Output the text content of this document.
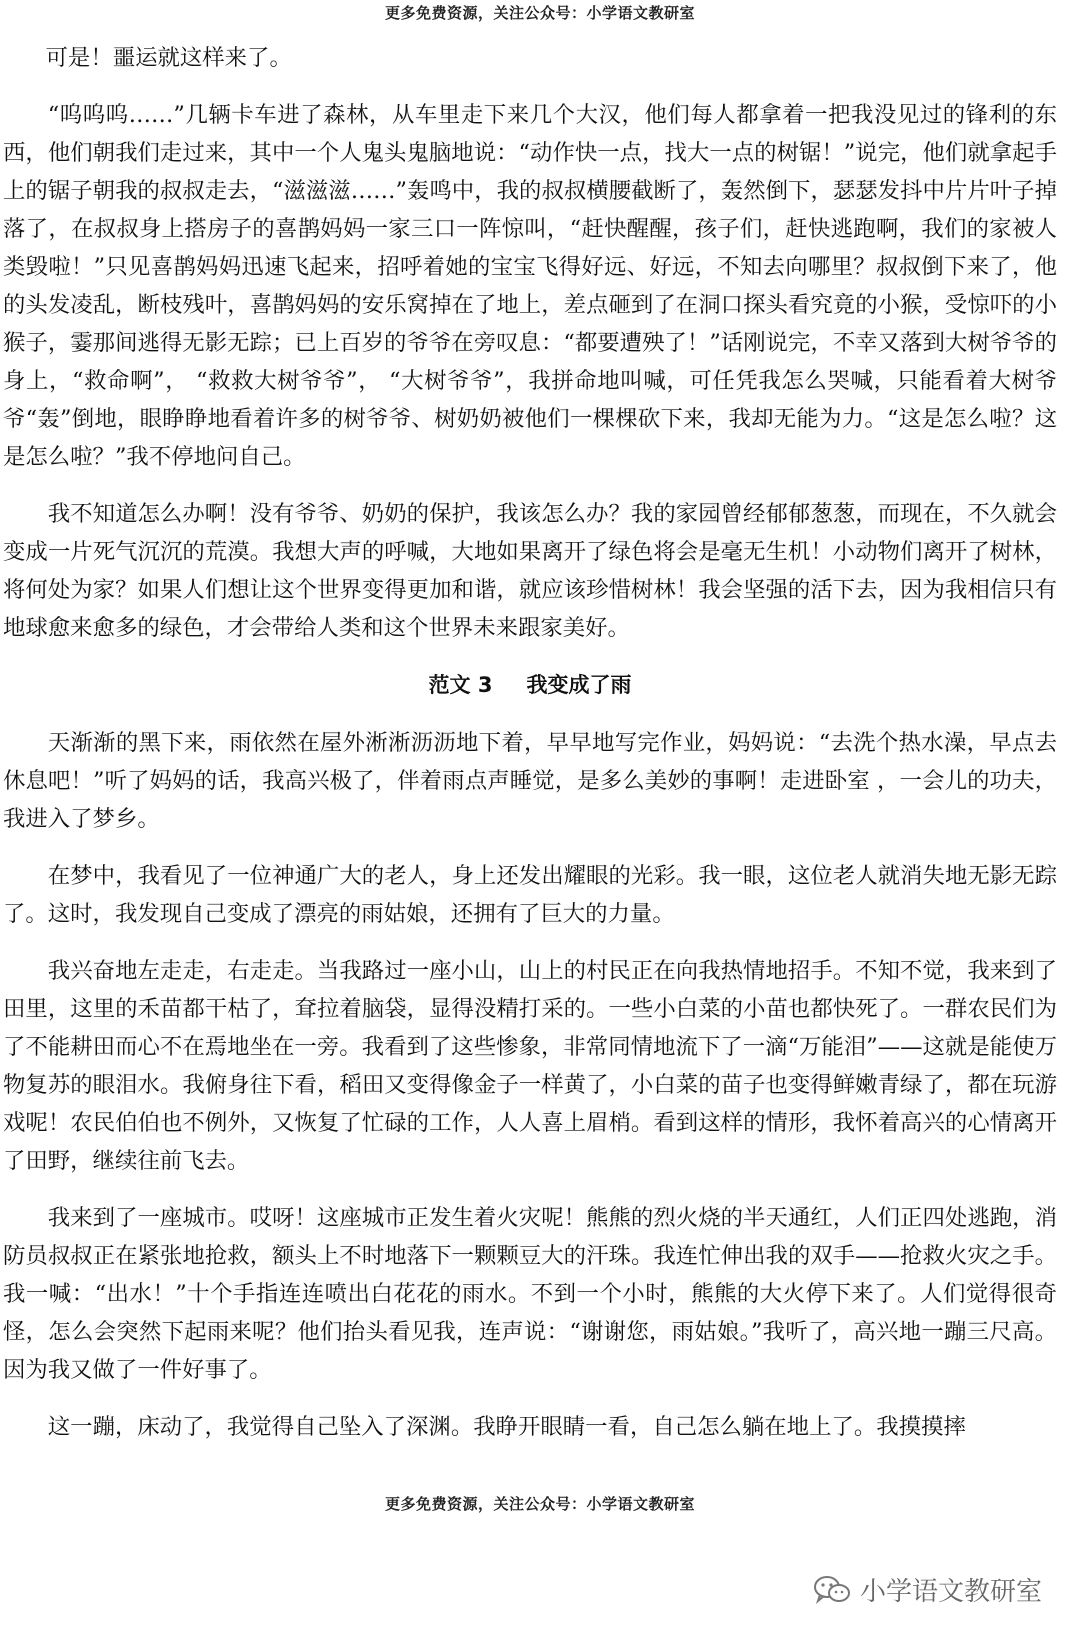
更多免费资源，关注公众号：小学语文教研室

可是！噩运就这样来了。

“呜呜呜……”几辆卡车进了森林，从车里走下来几个大汉，他们每人都拿着一把我没见过的锋利的东西，他们朝我们走过来，其中一个人鬼头鬼脑地说：“动作快一点，找大一点的树锯！”说完，他们就拿起手上的锯子朝我的叔叔走去，“滋滋滋……”轰鸣中，我的叔叔横腰截断了，轰然倒下，瑟瑟发抖中片片叶子掉落了，在叔叔身上搭房子的喜鹊妈妈一家三口一阵惊叫，“赶快醒醒，孩子们，赶快逃跑啊，我们的家被人类毁啦！”只见喜鹊妈妈迅速飞起来，招呼着她的宝宝飞得好远、好远，不知去向哪里？叔叔倒下来了，他的头发凌乱，断枝残叶，喜鹊妈妈的安乐窝掉在了地上，差点砸到了在洞口探头看究竟的小猴，受惊吓的小猴子，霎那间逃得无影无踪；已上百岁的爷爷在旁叹息：“都要遭殃了！”话刚说完，不幸又落到大树爷爷的身上，“救命啊”， “救救大树爷爷”， “大树爷爷”，我拼命地叫喊，可任凭我怎么哭喊，只能看着大树爷爷“轰”倒地，眼睁睁地看着许多的树爷爷、树奶奶被他们一棵棵砍下来，我却无能为力。“这是怎么啦？这是怎么啦？”我不停地问自己。

我不知道怎么办啊！没有爷爷、奶奶的保护，我该怎么办？我的家园曾经郁郁葱葱，而现在，不久就会变成一片死气沉沉的荒漠。我想大声的呼喊，大地如果离开了绿色将会是毫无生机！小动物们离开了树林，将何处为家？如果人们想让这个世界变得更加和谐，就应该珍惜树林！我会坚强的活下去，因为我相信只有地球愈来愈多的绿色，才会带给人类和这个世界未来跟家美好。

范文 3 我变成了雨

天渐渐的黑下来，雨依然在屋外淅淅沥沥地下着，早早地写完作业，妈妈说：“去洗个热水澡，早点去休息吧！”听了妈妈的话，我高兴极了，伴着雨点声睡觉，是多么美妙的事啊！走进卧室 ，一会儿的功夫，我进入了梦乡。

在梦中，我看见了一位神通广大的老人，身上还发出耀眼的光彩。我一眼，这位老人就消失地无影无踪了。这时，我发现自己变成了漂亮的雨姑娘，还拥有了巨大的力量。

我兴奋地左走走，右走走。当我路过一座小山，山上的村民正在向我热情地招手。不知不觉，我来到了田里，这里的禾苗都干枯了，耷拉着脑袋，显得没精打采的。一些小白菜的小苗也都快死了。一群农民们为了不能耕田而心不在焉地坐在一旁。我看到了这些惨象，非常同情地流下了一滴“万能泪”——这就是能使万物复苏的眼泪水。我俯身往下看，稻田又变得像金子一样黄了，小白菜的苗子也变得鲜嫩青绿了，都在玩游戏呢！农民伯伯也不例外，又恢复了忙碌的工作，人人喜上眉梢。看到这样的情形，我怀着高兴的心情离开了田野，继续往前飞去。

我来到了一座城市。哎呀！这座城市正发生着火灾呢！熊熊的烈火烧的半天通红，人们正四处逃跑，消防员叔叔正在紧张地抢救，额头上不时地落下一颗颗豆大的汗珠。我连忙伸出我的双手——抢救火灾之手。我一喊：“出水！”十个手指连连喷出白花花的雨水。不到一个小时，熊熊的大火停下来了。人们觉得很奇怪，怎么会突然下起雨来呢？他们抬头看见我，连声说：“谢谢您，雨姑娘。”我听了，高兴地一蹦三尺高。因为我又做了一件好事了。

这一蹦，床动了，我觉得自己坠入了深渊。我睁开眼睛一看，自己怎么躺在地上了。我摸摸摔

更多免费资源，关注公众号：小学语文教研室
小学语文教研室
